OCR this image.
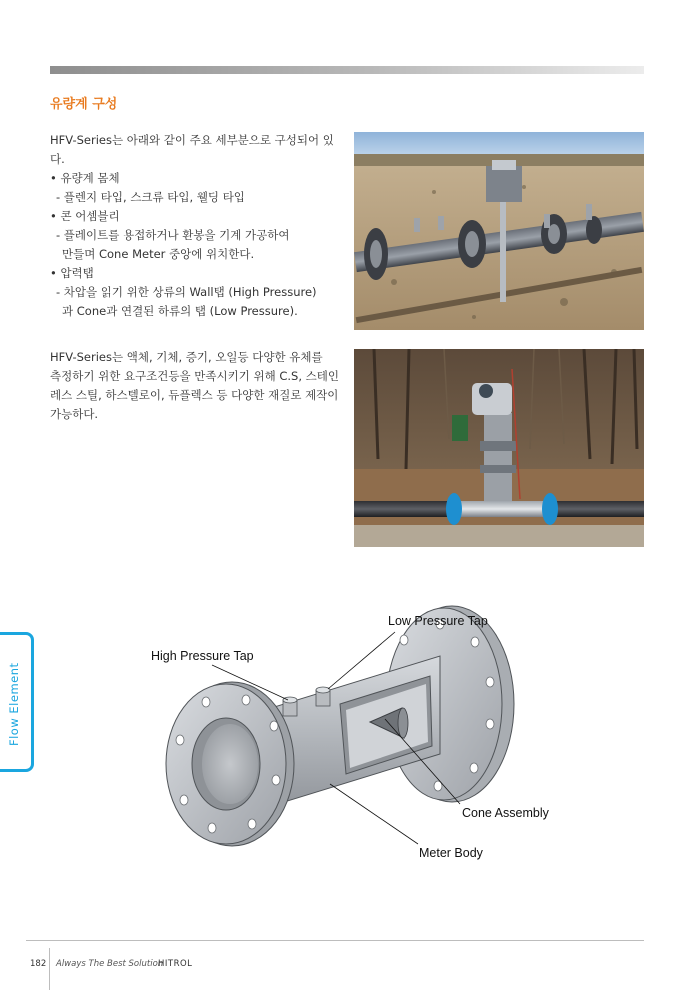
유량계 구성

HFV-Series는 아래와 같이 주요 세부분으로 구성되어 있

다.

• 유량계 몸체

- 플렌지 타입, 스크류 타입, 웰딩 타입

• 콘 어셈블리

- 플레이트를 용접하거나 환봉을 기계 가공하여

만들며 Cone Meter 중앙에 위치한다.

• 압력탭

- 차압을 읽기 위한 상류의 Wall탭 (High Pressure)

과 Cone과 연결된 하류의 탭 (Low Pressure).

HFV-Series는 액체, 기체, 증기, 오일등 다양한 유체를

측정하기 위한 요구조건등을 만족시키기 위해 C.S, 스테인

레스 스틸, 하스텔로이, 듀플렉스 등 다양한 재질로 제작이

가능하다.

Flow Element
Low Pressure Tap
High Pressure Tap
Cone Assembly
Meter Body
182 Always The Best Solution
HITROL
